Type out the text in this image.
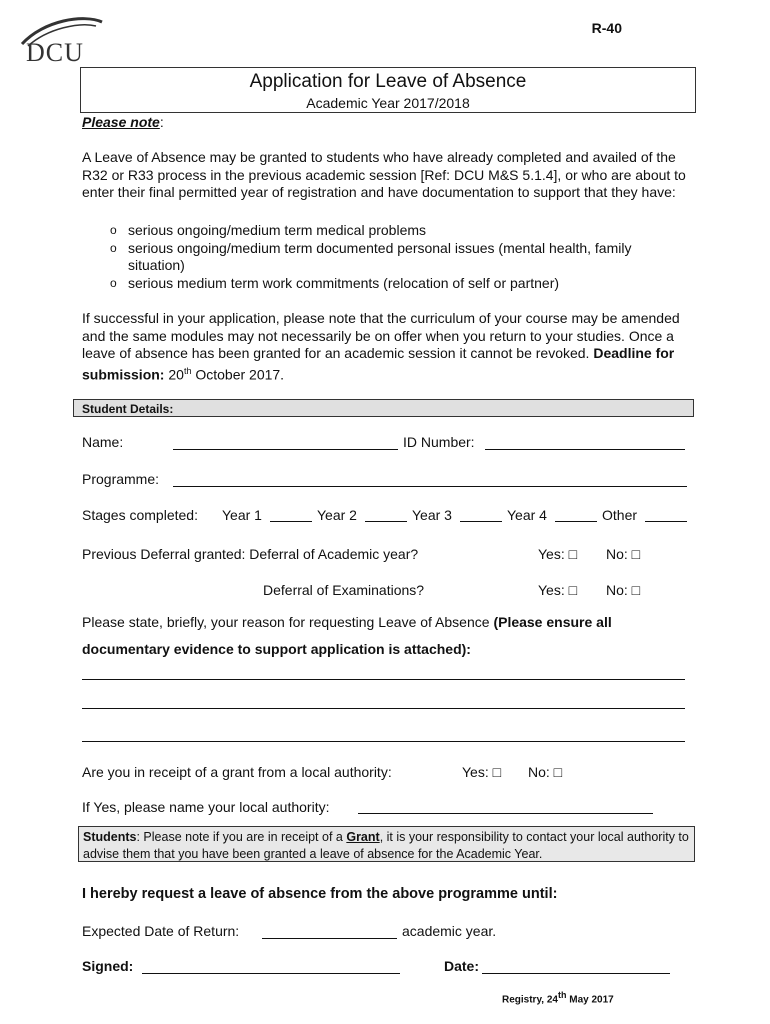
DCU
R-40
Application for Leave of Absence
Academic Year 2017/2018
Please note:
A Leave of Absence may be granted to students who have already completed and availed of the R32 or R33 process in the previous academic session [Ref: DCU M&S 5.1.4], or who are about to enter their final permitted year of registration and have documentation to support that they have:
o serious ongoing/medium term medical problems
o serious ongoing/medium term documented personal issues (mental health, family situation)
o serious medium term work commitments (relocation of self or partner)
If successful in your application, please note that the curriculum of your course may be amended and the same modules may not necessarily be on offer when you return to your studies. Once a leave of absence has been granted for an academic session it cannot be revoked. Deadline for submission: 20th October 2017.
Student Details:
Name:	ID Number:
Programme:
Stages completed: Year 1	Year 2	Year 3	Year 4	Other
Previous Deferral granted: Deferral of Academic year?	Yes: □ No: □
Deferral of Examinations?	Yes: □ No: □
Please state, briefly, your reason for requesting Leave of Absence (Please ensure all
documentary evidence to support application is attached):
Are you in receipt of a grant from a local authority:	Yes: □ No: □
If Yes, please name your local authority:
Students: Please note if you are in receipt of a Grant, it is your responsibility to contact your local authority to advise them that you have been granted a leave of absence for the Academic Year.
I hereby request a leave of absence from the above programme until:
Expected Date of Return:	academic year.
Signed:	Date:
Registry, 24th May 2017
